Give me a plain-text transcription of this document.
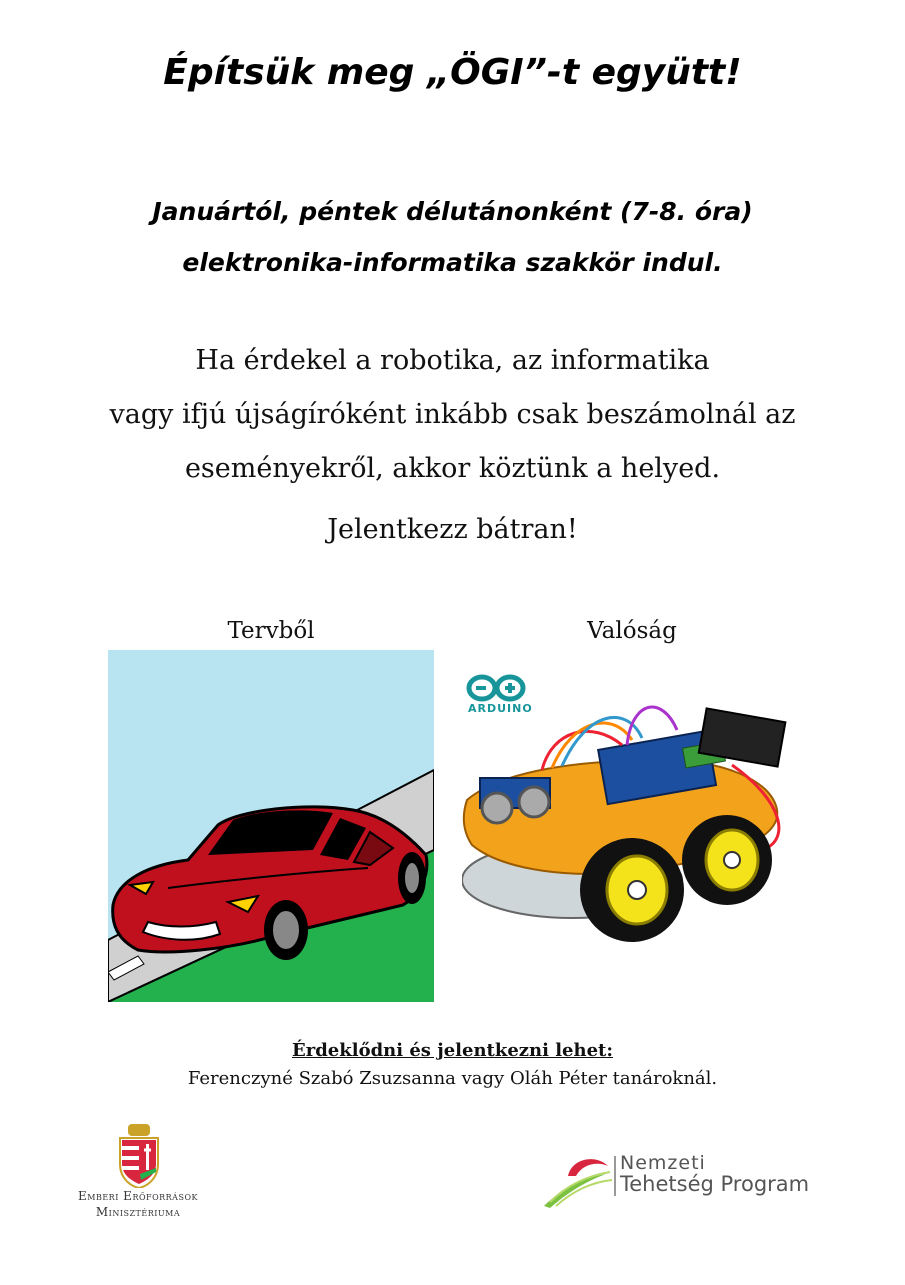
Építsük meg „ÖGI”-t együtt!
Januártól, péntek délutánonként (7-8. óra)
elektronika-informatika szakkör indul.
Ha érdekel a robotika, az informatika
vagy ifjú újságíróként inkább csak beszámolnál az
eseményekről, akkor köztünk a helyed.
Jelentkezz bátran!
Tervből	Valóság
ARDUINO
Érdeklődni és jelentkezni lehet:
Ferenczyné Szabó Zsuzsanna vagy Oláh Péter tanároknál.
Emberi Erőforrások
Minisztériuma
Nemzeti
Tehetség Program
